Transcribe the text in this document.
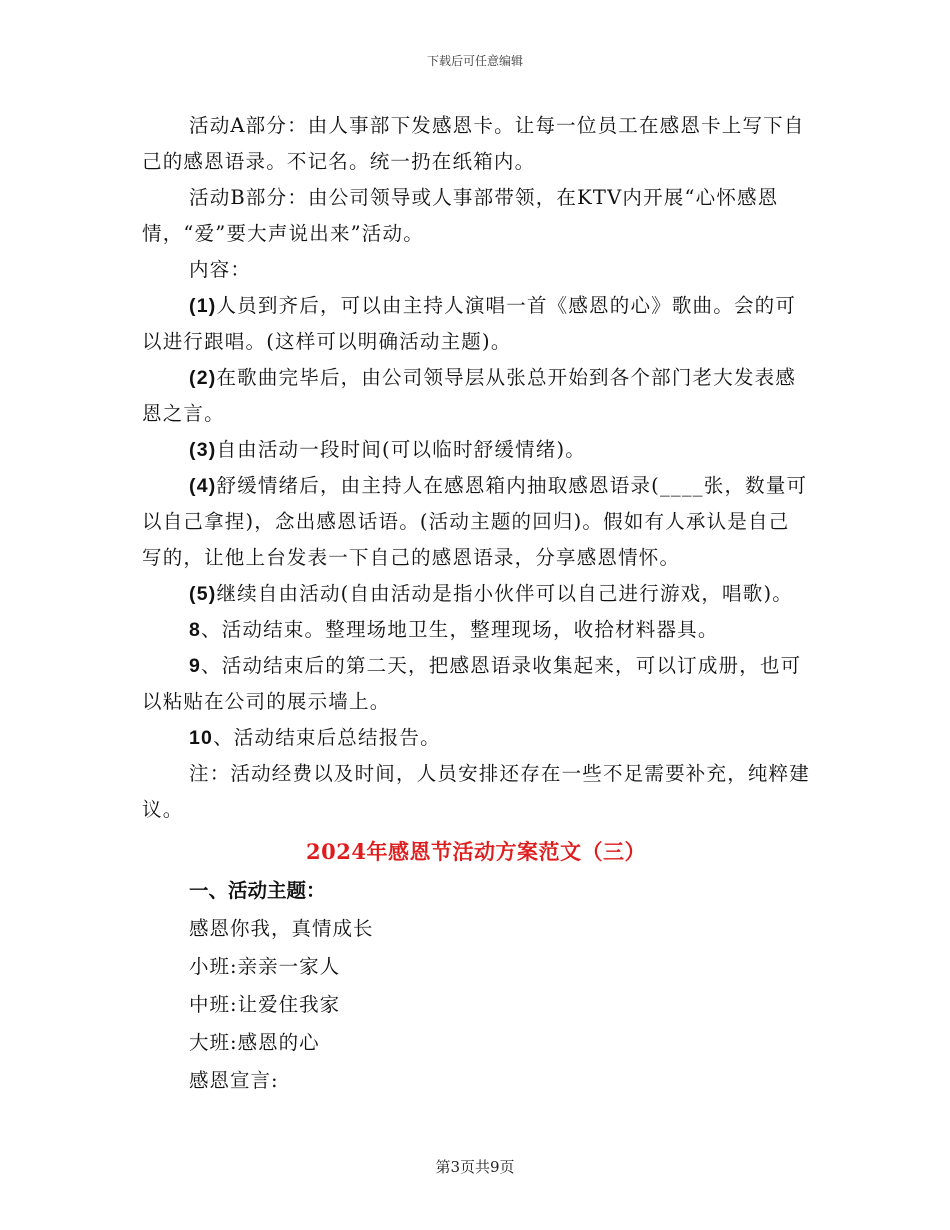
下载后可任意编辑

活动A部分：由人事部下发感恩卡。让每一位员工在感恩卡上写下自己的感恩语录。不记名。统一扔在纸箱内。

活动B部分：由公司领导或人事部带领，在KTV内开展“心怀感恩情，“爱”要大声说出来”活动。

内容：

(1)人员到齐后，可以由主持人演唱一首《感恩的心》歌曲。会的可以进行跟唱。(这样可以明确活动主题)。

(2)在歌曲完毕后，由公司领导层从张总开始到各个部门老大发表感恩之言。

(3)自由活动一段时间(可以临时舒缓情绪)。

(4)舒缓情绪后，由主持人在感恩箱内抽取感恩语录(____张，数量可以自己拿捏)，念出感恩话语。(活动主题的回归)。假如有人承认是自己写的，让他上台发表一下自己的感恩语录，分享感恩情怀。

(5)继续自由活动(自由活动是指小伙伴可以自己进行游戏，唱歌)。

8、活动结束。整理场地卫生，整理现场，收拾材料器具。

9、活动结束后的第二天，把感恩语录收集起来，可以订成册，也可以粘贴在公司的展示墙上。

10、活动结束后总结报告。

注：活动经费以及时间，人员安排还存在一些不足需要补充，纯粹建议。

2024年感恩节活动方案范文（三）

一、活动主题：

感恩你我，真情成长

小班:亲亲一家人

中班:让爱住我家

大班:感恩的心

感恩宣言:

第3页共9页
